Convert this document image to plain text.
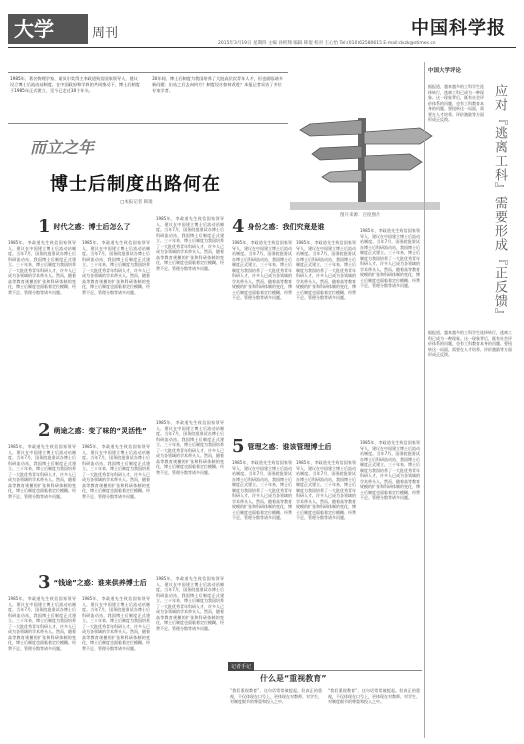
大学	周刊	中国科学报
2015年3月19日 星期四 主编 孙积翔 编辑 韩琨 校对 王心怡 Tel:(010)62580615 E-mail:dxzk@stimes.cn
1985年，著名物理学家、诺贝尔奖得主李政道致信国家领导人，建议设立博士后流动站制度。在中国政府和学界的共同推动下，博士后制度于1985年正式建立，至今已走过30个年头。
30年间，博士后制度为我国培养了大批高层次青年人才，但也面临诸多新问题：出站之后去向何方？制度设计如何改进？本报记者采访了多位专家学者。
而立之年
博士后制度出路何在
□本报记者 韩琨
图片来源：百度图片
1 时代之惑：博士后怎么了
1985年，李政道先生致信国家领导人，建议在中国建立博士后流动站制度。当年7月，国务院批准试办博士后科研流动站，我国博士后制度正式建立。三十年来，博士后制度为我国培养了一大批优秀青年科研人才，许多人已成为各领域的学术带头人。然而，随着高等教育规模的扩张和科研体制的变化，博士后制度也面临着定位模糊、经费不足、管理分散等诸多问题。
1985年，李政道先生致信国家领导人，建议在中国建立博士后流动站制度。当年7月，国务院批准试办博士后科研流动站，我国博士后制度正式建立。三十年来，博士后制度为我国培养了一大批优秀青年科研人才，许多人已成为各领域的学术带头人。然而，随着高等教育规模的扩张和科研体制的变化，博士后制度也面临着定位模糊、经费不足、管理分散等诸多问题。
1985年，李政道先生致信国家领导人，建议在中国建立博士后流动站制度。当年7月，国务院批准试办博士后科研流动站，我国博士后制度正式建立。三十年来，博士后制度为我国培养了一大批优秀青年科研人才，许多人已成为各领域的学术带头人。然而，随着高等教育规模的扩张和科研体制的变化，博士后制度也面临着定位模糊、经费不足、管理分散等诸多问题。
2 萌途之惑：变了味的“灵活性”
1985年，李政道先生致信国家领导人，建议在中国建立博士后流动站制度。当年7月，国务院批准试办博士后科研流动站，我国博士后制度正式建立。三十年来，博士后制度为我国培养了一大批优秀青年科研人才，许多人已成为各领域的学术带头人。然而，随着高等教育规模的扩张和科研体制的变化，博士后制度也面临着定位模糊、经费不足、管理分散等诸多问题。
1985年，李政道先生致信国家领导人，建议在中国建立博士后流动站制度。当年7月，国务院批准试办博士后科研流动站，我国博士后制度正式建立。三十年来，博士后制度为我国培养了一大批优秀青年科研人才，许多人已成为各领域的学术带头人。然而，随着高等教育规模的扩张和科研体制的变化，博士后制度也面临着定位模糊、经费不足、管理分散等诸多问题。
1985年，李政道先生致信国家领导人，建议在中国建立博士后流动站制度。当年7月，国务院批准试办博士后科研流动站，我国博士后制度正式建立。三十年来，博士后制度为我国培养了一大批优秀青年科研人才，许多人已成为各领域的学术带头人。然而，随着高等教育规模的扩张和科研体制的变化，博士后制度也面临着定位模糊、经费不足、管理分散等诸多问题。
3 “钱途”之惑：谁来供养博士后
1985年，李政道先生致信国家领导人，建议在中国建立博士后流动站制度。当年7月，国务院批准试办博士后科研流动站，我国博士后制度正式建立。三十年来，博士后制度为我国培养了一大批优秀青年科研人才，许多人已成为各领域的学术带头人。然而，随着高等教育规模的扩张和科研体制的变化，博士后制度也面临着定位模糊、经费不足、管理分散等诸多问题。
1985年，李政道先生致信国家领导人，建议在中国建立博士后流动站制度。当年7月，国务院批准试办博士后科研流动站，我国博士后制度正式建立。三十年来，博士后制度为我国培养了一大批优秀青年科研人才，许多人已成为各领域的学术带头人。然而，随着高等教育规模的扩张和科研体制的变化，博士后制度也面临着定位模糊、经费不足、管理分散等诸多问题。
1985年，李政道先生致信国家领导人，建议在中国建立博士后流动站制度。当年7月，国务院批准试办博士后科研流动站，我国博士后制度正式建立。三十年来，博士后制度为我国培养了一大批优秀青年科研人才，许多人已成为各领域的学术带头人。然而，随着高等教育规模的扩张和科研体制的变化，博士后制度也面临着定位模糊、经费不足、管理分散等诸多问题。
4 身份之惑：我们究竟是谁
1985年，李政道先生致信国家领导人，建议在中国建立博士后流动站制度。当年7月，国务院批准试办博士后科研流动站，我国博士后制度正式建立。三十年来，博士后制度为我国培养了一大批优秀青年科研人才，许多人已成为各领域的学术带头人。然而，随着高等教育规模的扩张和科研体制的变化，博士后制度也面临着定位模糊、经费不足、管理分散等诸多问题。
1985年，李政道先生致信国家领导人，建议在中国建立博士后流动站制度。当年7月，国务院批准试办博士后科研流动站，我国博士后制度正式建立。三十年来，博士后制度为我国培养了一大批优秀青年科研人才，许多人已成为各领域的学术带头人。然而，随着高等教育规模的扩张和科研体制的变化，博士后制度也面临着定位模糊、经费不足、管理分散等诸多问题。
1985年，李政道先生致信国家领导人，建议在中国建立博士后流动站制度。当年7月，国务院批准试办博士后科研流动站，我国博士后制度正式建立。三十年来，博士后制度为我国培养了一大批优秀青年科研人才，许多人已成为各领域的学术带头人。然而，随着高等教育规模的扩张和科研体制的变化，博士后制度也面临着定位模糊、经费不足、管理分散等诸多问题。
5 管理之惑：谁该管理博士后
1985年，李政道先生致信国家领导人，建议在中国建立博士后流动站制度。当年7月，国务院批准试办博士后科研流动站，我国博士后制度正式建立。三十年来，博士后制度为我国培养了一大批优秀青年科研人才，许多人已成为各领域的学术带头人。然而，随着高等教育规模的扩张和科研体制的变化，博士后制度也面临着定位模糊、经费不足、管理分散等诸多问题。
1985年，李政道先生致信国家领导人，建议在中国建立博士后流动站制度。当年7月，国务院批准试办博士后科研流动站，我国博士后制度正式建立。三十年来，博士后制度为我国培养了一大批优秀青年科研人才，许多人已成为各领域的学术带头人。然而，随着高等教育规模的扩张和科研体制的变化，博士后制度也面临着定位模糊、经费不足、管理分散等诸多问题。
1985年，李政道先生致信国家领导人，建议在中国建立博士后流动站制度。当年7月，国务院批准试办博士后科研流动站，我国博士后制度正式建立。三十年来，博士后制度为我国培养了一大批优秀青年科研人才，许多人已成为各领域的学术带头人。然而，随着高等教育规模的扩张和科研体制的变化，博士后制度也面临着定位模糊、经费不足、管理分散等诸多问题。
记者手记
什么是“重视教育”
“我们重视教育”，这句话常常被提起。但真正的重视，不仅体现在口号上，更体现在对教师、对学生、对制度细节的尊重和投入之中。
“我们重视教育”，这句话常常被提起。但真正的重视，不仅体现在口号上，更体现在对教师、对学生、对制度细节的尊重和投入之中。
中国大学评论
应对『逃离工科』需要形成『正反馈』
据报道，越来越多的工科学生选择转行，逃离工科已成为一种现象。这一现象背后，既有社会评价体系的问题，也有工科教育本身的问题。要扭转这一局面，需要在人才培养、评价激励等方面形成正反馈。
据报道，越来越多的工科学生选择转行，逃离工科已成为一种现象。这一现象背后，既有社会评价体系的问题，也有工科教育本身的问题。要扭转这一局面，需要在人才培养、评价激励等方面形成正反馈。
